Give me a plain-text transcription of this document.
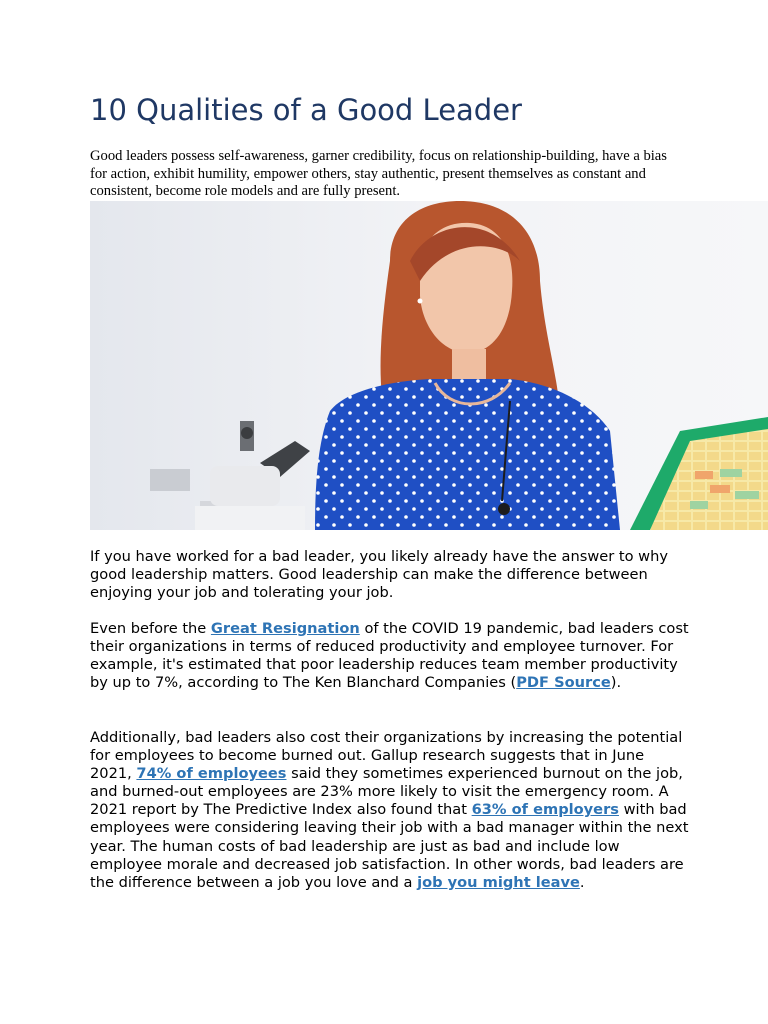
10 Qualities of a Good Leader

Good leaders possess self-awareness, garner credibility, focus on relationship-building, have a bias for action, exhibit humility, empower others, stay authentic, present themselves as constant and consistent, become role models and are fully present.

If you have worked for a bad leader, you likely already have the answer to why good leadership matters. Good leadership can make the difference between enjoying your job and tolerating your job.

Even before the Great Resignation of the COVID 19 pandemic, bad leaders cost their organizations in terms of reduced productivity and employee turnover. For example, it's estimated that poor leadership reduces team member productivity by up to 7%, according to The Ken Blanchard Companies (PDF Source).

Additionally, bad leaders also cost their organizations by increasing the potential for employees to become burned out. Gallup research suggests that in June 2021, 74% of employees said they sometimes experienced burnout on the job, and burned-out employees are 23% more likely to visit the emergency room. A 2021 report by The Predictive Index also found that 63% of employers with bad employees were considering leaving their job with a bad manager within the next year. The human costs of bad leadership are just as bad and include low employee morale and decreased job satisfaction. In other words, bad leaders are the difference between a job you love and a job you might leave.
